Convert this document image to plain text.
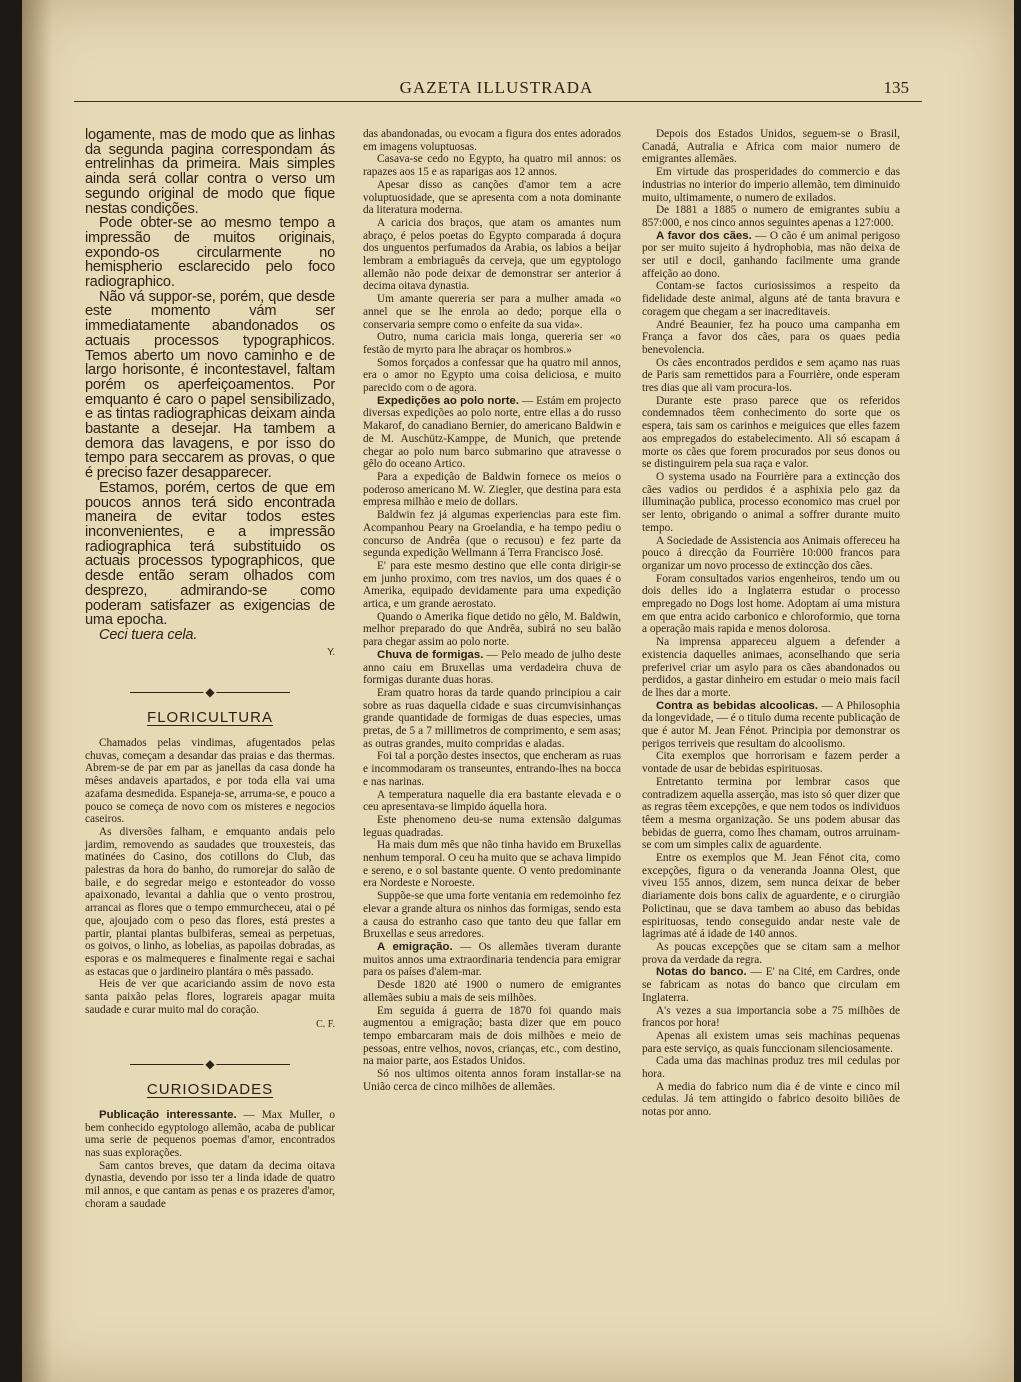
GAZETA ILLUSTRADA	135

logamente, mas de modo que as linhas da segunda pagina correspondam ás entrelinhas da primeira. Mais simples ainda será collar contra o verso um segundo original de modo que fique nestas condições.

Pode obter-se ao mesmo tempo a impressão de muitos originais, expondo-os circularmente no hemispherio esclarecido pelo foco radiographico.

Não vá suppor-se, porém, que desde este momento vám ser immediatamente abandonados os actuais processos typographicos. Temos aberto um novo caminho e de largo horisonte, é incontestavel, faltam porém os aperfeiçoamentos. Por emquanto é caro o papel sensibilizado, e as tintas radiographicas deixam ainda bastante a desejar. Ha tambem a demora das lavagens, e por isso do tempo para seccarem as provas, o que é preciso fazer desapparecer.

Estamos, porém, certos de que em poucos annos terá sido encontrada maneira de evitar todos estes inconvenientes, e a impressão radiographica terá substituido os actuais processos typographicos, que desde então seram olhados com desprezo, admirando-se como poderam satisfazer as exigencias de uma epocha.

Ceci tuera cela.

Y.
◆
FLORICULTURA

Chamados pelas vindimas, afugentados pelas chuvas, começam a desandar das praias e das thermas. Abrem-se de par em par as janellas da casa donde ha mêses andaveis apartados, e por toda ella vai uma azafama desmedida. Espaneja-se, arruma-se, e pouco a pouco se começa de novo com os misteres e negocios caseiros.

As diversões falham, e emquanto andais pelo jardim, removendo as saudades que trouxesteis, das matinées do Casino, dos cotillons do Club, das palestras da hora do banho, do rumorejar do salão de baile, e do segredar meigo e estonteador do vosso apaixonado, levantai a dahlia que o vento prostrou, arrancai as flores que o tempo emmurcheceu, atai o pé que, ajoujado com o peso das flores, está prestes a partir, plantai plantas bulbiferas, semeai as perpetuas, os goivos, o linho, as lobelias, as papoilas dobradas, as esporas e os malmequeres e finalmente regai e sachai as estacas que o jardineiro plantára o mês passado.

Heis de ver que acariciando assim de novo esta santa paixão pelas flores, lograreis apagar muita saudade e curar muito mal do coração.

C. F.
◆
CURIOSIDADES

Publicação interessante. — Max Muller, o bem conhecido egyptologo allemão, acaba de publicar uma serie de pequenos poemas d'amor, encontrados nas suas explorações.

Sam cantos breves, que datam da decima oitava dynastia, devendo por isso ter a linda idade de quatro mil annos, e que cantam as penas e os prazeres d'amor, choram a saudade

das abandonadas, ou evocam a figura dos entes adorados em imagens voluptuosas.

Casava-se cedo no Egypto, ha quatro mil annos: os rapazes aos 15 e as raparigas aos 12 annos.

Apesar disso as canções d'amor tem a acre voluptuosidade, que se apresenta com a nota dominante da literatura moderna.

A caricia dos braços, que atam os amantes num abraço, é pelos poetas do Egypto comparada á doçura dos unguentos perfumados da Arabia, os labios a beijar lembram a embriaguês da cerveja, que um egyptologo allemão não pode deixar de demonstrar ser anterior á decima oitava dynastia.

Um amante quereria ser para a mulher amada «o annel que se lhe enrola ao dedo; porque ella o conservaria sempre como o enfeite da sua vida».

Outro, numa caricia mais longa, quereria ser «o festão de myrto para lhe abraçar os hombros.»

Somos forçados a confessar que ha quatro mil annos, era o amor no Egypto uma coisa deliciosa, e muito parecido com o de agora.

Expedições ao polo norte. — Estám em projecto diversas expedições ao polo norte, entre ellas a do russo Makarof, do canadiano Bernier, do americano Baldwin e de M. Auschütz-Kamppe, de Munich, que pretende chegar ao polo num barco submarino que atravesse o gêlo do oceano Artico.

Para a expedição de Baldwin fornece os meios o poderoso americano M. W. Ziegler, que destina para esta empresa milhão e meio de dollars.

Baldwin fez já algumas experiencias para este fim. Acompanhou Peary na Groelandia, e ha tempo pediu o concurso de Andrêa (que o recusou) e fez parte da segunda expedição Wellmann á Terra Francisco José.

E' para este mesmo destino que elle conta dirigir-se em junho proximo, com tres navios, um dos quaes é o Amerika, equipado devidamente para uma expedição artica, e um grande aerostato.

Quando o Amerika fique detido no gêlo, M. Baldwin, melhor preparado do que Andrêa, subirá no seu balão para chegar assim ao polo norte.

Chuva de formigas. — Pelo meado de julho deste anno caiu em Bruxellas uma verdadeira chuva de formigas durante duas horas.

Eram quatro horas da tarde quando principiou a cair sobre as ruas daquella cidade e suas circumvisinhanças grande quantidade de formigas de duas especies, umas pretas, de 5 a 7 millimetros de comprimento, e sem asas; as outras grandes, muito compridas e aladas.

Foi tal a porção destes insectos, que encheram as ruas e incommodaram os transeuntes, entrando-lhes na bocca e nas narinas.

A temperatura naquelle dia era bastante elevada e o ceu apresentava-se limpido áquella hora.

Este phenomeno deu-se numa extensão dalgumas leguas quadradas.

Ha mais dum mês que não tinha havido em Bruxellas nenhum temporal. O ceu ha muito que se achava limpido e sereno, e o sol bastante quente. O vento predominante era Nordeste e Noroeste.

Suppõe-se que uma forte ventania em redemoinho fez elevar a grande altura os ninhos das formigas, sendo esta a causa do estranho caso que tanto deu que fallar em Bruxellas e seus arredores.

A emigração. — Os allemães tiveram durante muitos annos uma extraordinaria tendencia para emigrar para os países d'alem-mar.

Desde 1820 até 1900 o numero de emigrantes allemães subiu a mais de seis milhões.

Em seguida á guerra de 1870 foi quando mais augmentou a emigração; basta dizer que em pouco tempo embarcaram mais de dois milhões e meio de pessoas, entre velhos, novos, crianças, etc., com destino, na maior parte, aos Estados Unidos.

Só nos ultimos oitenta annos foram installar-se na União cerca de cinco milhões de allemães.

Depois dos Estados Unidos, seguem-se o Brasil, Canadá, Autralia e Africa com maior numero de emigrantes allemães.

Em virtude das prosperidades do commercio e das industrias no interior do imperio allemão, tem diminuido muito, ultimamente, o numero de exilados.

De 1881 a 1885 o numero de emigrantes subiu a 857:000, e nos cinco annos seguintes apenas a 127:000.

A favor dos cães. — O cão é um animal perigoso por ser muito sujeito á hydrophobia, mas não deixa de ser util e docil, ganhando facilmente uma grande affeição ao dono.

Contam-se factos curiosissimos a respeito da fidelidade deste animal, alguns até de tanta bravura e coragem que chegam a ser inacreditaveis.

André Beaunier, fez ha pouco uma campanha em França a favor dos cães, para os quaes pedia benevolencia.

Os cães encontrados perdidos e sem açamo nas ruas de Paris sam remettidos para a Fourrière, onde esperam tres dias que ali vam procura-los.

Durante este praso parece que os referidos condemnados têem conhecimento do sorte que os espera, tais sam os carinhos e meiguices que elles fazem aos empregados do estabelecimento. Ali só escapam á morte os cães que forem procurados por seus donos ou se distinguirem pela sua raça e valor.

O systema usado na Fourrière para a extincção dos cães vadios ou perdidos é a asphixia pelo gaz da illuminação publica, processo economico mas cruel por ser lento, obrigando o animal a soffrer durante muito tempo.

A Sociedade de Assistencia aos Animais offereceu ha pouco á direcção da Fourrière 10:000 francos para organizar um novo processo de extincção dos cães.

Foram consultados varios engenheiros, tendo um ou dois delles ido a Inglaterra estudar o processo empregado no Dogs lost home. Adoptam aí uma mistura em que entra acido carbonico e chloroformio, que torna a operação mais rapida e menos dolorosa.

Na imprensa appareceu alguem a defender a existencia daquelles animaes, aconselhando que seria preferivel criar um asylo para os cães abandonados ou perdidos, a gastar dinheiro em estudar o meio mais facil de lhes dar a morte.

Contra as bebidas alcoolicas. — A Philosophia da longevidade, — é o titulo duma recente publicação de que é autor M. Jean Fénot. Principia por demonstrar os perigos terriveis que resultam do alcoolismo.

Cita exemplos que horrorisam e fazem perder a vontade de usar de bebidas espirituosas.

Entretanto termina por lembrar casos que contradizem aquella asserção, mas isto só quer dizer que as regras têem excepções, e que nem todos os individuos têem a mesma organização. Se uns podem abusar das bebidas de guerra, como lhes chamam, outros arruinam-se com um simples calix de aguardente.

Entre os exemplos que M. Jean Fénot cita, como excepções, figura o da veneranda Joanna Olest, que viveu 155 annos, dizem, sem nunca deixar de beber diariamente dois bons calix de aguardente, e o cirurgião Polictinau, que se dava tambem ao abuso das bebidas espirituosas, tendo conseguido andar neste vale de lagrimas até á idade de 140 annos.

As poucas excepções que se citam sam a melhor prova da verdade da regra.

Notas do banco. — E' na Cité, em Cardres, onde se fabricam as notas do banco que circulam em Inglaterra.

A's vezes a sua importancia sobe a 75 milhões de francos por hora!

Apenas ali existem umas seis machinas pequenas para este serviço, as quais funccionam silenciosamente.

Cada uma das machinas produz tres mil cedulas por hora.

A media do fabrico num dia é de vinte e cinco mil cedulas. Já tem attingido o fabrico desoito biliões de notas por anno.
